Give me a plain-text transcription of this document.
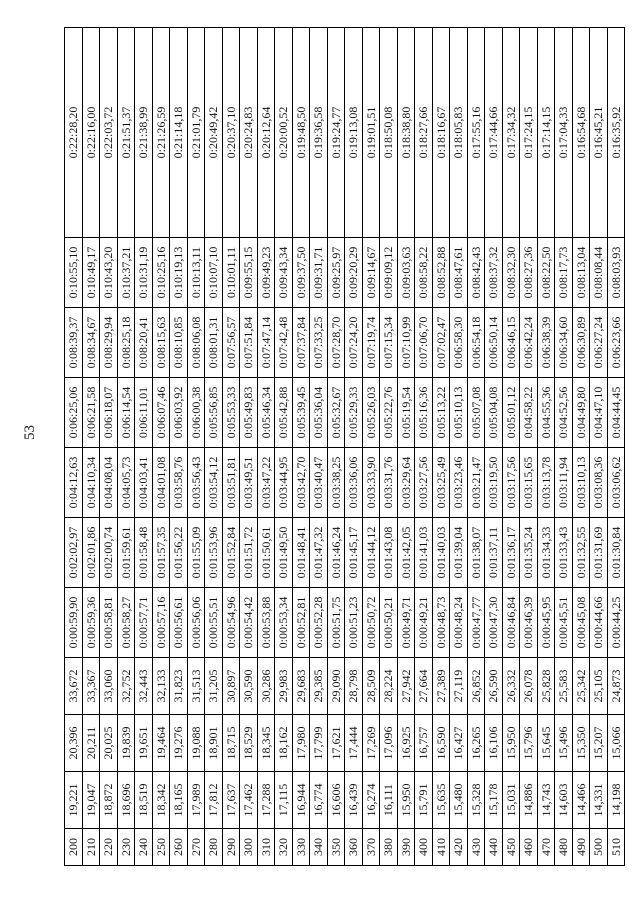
53
200	19,221	20,396	33,672	0:00:59,90	0:02:02,97	0:04:12,63	0:06:25,06	0:08:39,37	0:10:55,10	0:22:28,20
210	19,047	20,211	33,367	0:00:59,36	0:02:01,86	0:04:10,34	0:06:21,58	0:08:34,67	0:10:49,17	0:22:16,00
220	18,872	20,025	33,060	0:00:58,81	0:02:00,74	0:04:08,04	0:06:18,07	0:08:29,94	0:10:43,20	0:22:03,72
230	18,696	19,839	32,752	0:00:58,27	0:01:59,61	0:04:05,73	0:06:14,54	0:08:25,18	0:10:37,21	0:21:51,37
240	18,519	19,651	32,443	0:00:57,71	0:01:58,48	0:04:03,41	0:06:11,01	0:08:20,41	0:10:31,19	0:21:38,99
250	18,342	19,464	32,133	0:00:57,16	0:01:57,35	0:04:01,08	0:06:07,46	0:08:15,63	0:10:25,16	0:21:26,59
260	18,165	19,276	31,823	0:00:56,61	0:01:56,22	0:03:58,76	0:06:03,92	0:08:10,85	0:10:19,13	0:21:14,18
270	17,989	19,088	31,513	0:00:56,06	0:01:55,09	0:03:56,43	0:06:00,38	0:08:06,08	0:10:13,11	0:21:01,79
280	17,812	18,901	31,205	0:00:55,51	0:01:53,96	0:03:54,12	0:05:56,85	0:08:01,31	0:10:07,10	0:20:49,42
290	17,637	18,715	30,897	0:00:54,96	0:01:52,84	0:03:51,81	0:05:53,33	0:07:56,57	0:10:01,11	0:20:37,10
300	17,462	18,529	30,590	0:00:54,42	0:01:51,72	0:03:49,51	0:05:49,83	0:07:51,84	0:09:55,15	0:20:24,83
310	17,288	18,345	30,286	0:00:53,88	0:01:50,61	0:03:47,22	0:05:46,34	0:07:47,14	0:09:49,23	0:20:12,64
320	17,115	18,162	29,983	0:00:53,34	0:01:49,50	0:03:44,95	0:05:42,88	0:07:42,48	0:09:43,34	0:20:00,52
330	16,944	17,980	29,683	0:00:52,81	0:01:48,41	0:03:42,70	0:05:39,45	0:07:37,84	0:09:37,50	0:19:48,50
340	16,774	17,799	29,385	0:00:52,28	0:01:47,32	0:03:40,47	0:05:36,04	0:07:33,25	0:09:31,71	0:19:36,58
350	16,606	17,621	29,090	0:00:51,75	0:01:46,24	0:03:38,25	0:05:32,67	0:07:28,70	0:09:25,97	0:19:24,77
360	16,439	17,444	28,798	0:00:51,23	0:01:45,17	0:03:36,06	0:05:29,33	0:07:24,20	0:09:20,29	0:19:13,08
370	16,274	17,269	28,509	0:00:50,72	0:01:44,12	0:03:33,90	0:05:26,03	0:07:19,74	0:09:14,67	0:19:01,51
380	16,111	17,096	28,224	0:00:50,21	0:01:43,08	0:03:31,76	0:05:22,76	0:07:15,34	0:09:09,12	0:18:50,08
390	15,950	16,925	27,942	0:00:49,71	0:01:42,05	0:03:29,64	0:05:19,54	0:07:10,99	0:09:03,63	0:18:38,80
400	15,791	16,757	27,664	0:00:49,21	0:01:41,03	0:03:27,56	0:05:16,36	0:07:06,70	0:08:58,22	0:18:27,66
410	15,635	16,590	27,389	0:00:48,73	0:01:40,03	0:03:25,49	0:05:13,22	0:07:02,47	0:08:52,88	0:18:16,67
420	15,480	16,427	27,119	0:00:48,24	0:01:39,04	0:03:23,46	0:05:10,13	0:06:58,30	0:08:47,61	0:18:05,83
430	15,328	16,265	26,852	0:00:47,77	0:01:38,07	0:03:21,47	0:05:07,08	0:06:54,18	0:08:42,43	0:17:55,16
440	15,178	16,106	26,590	0:00:47,30	0:01:37,11	0:03:19,50	0:05:04,08	0:06:50,14	0:08:37,32	0:17:44,66
450	15,031	15,950	26,332	0:00:46,84	0:01:36,17	0:03:17,56	0:05:01,12	0:06:46,15	0:08:32,30	0:17:34,32
460	14,886	15,796	26,078	0:00:46,39	0:01:35,24	0:03:15,65	0:04:58,22	0:06:42,24	0:08:27,36	0:17:24,15
470	14,743	15,645	25,828	0:00:45,95	0:01:34,33	0:03:13,78	0:04:55,36	0:06:38,39	0:08:22,50	0:17:14,15
480	14,603	15,496	25,583	0:00:45,51	0:01:33,43	0:03:11,94	0:04:52,56	0:06:34,60	0:08:17,73	0:17:04,33
490	14,466	15,350	25,342	0:00:45,08	0:01:32,55	0:03:10,13	0:04:49,80	0:06:30,89	0:08:13,04	0:16:54,68
500	14,331	15,207	25,105	0:00:44,66	0:01:31,69	0:03:08,36	0:04:47,10	0:06:27,24	0:08:08,44	0:16:45,21
510	14,198	15,066	24,873	0:00:44,25	0:01:30,84	0:03:06,62	0:04:44,45	0:06:23,66	0:08:03,93	0:16:35,92
